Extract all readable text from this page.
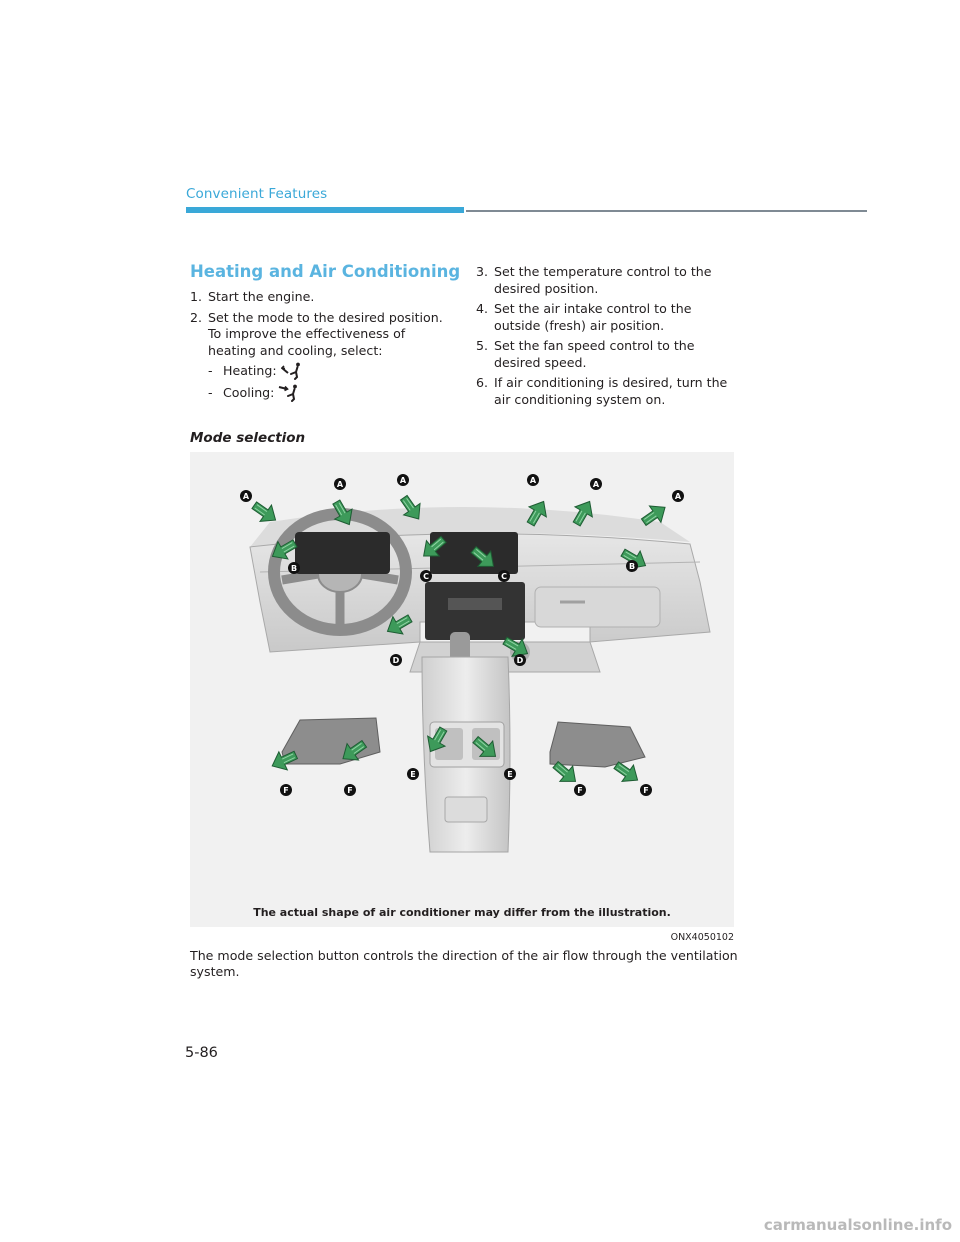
Convenient Features
Heating and Air Conditioning
1. Start the engine.

2. Set the mode to the desired position.

To improve the effectiveness of heating and cooling, select:

- Heating:
- Cooling:
3. Set the temperature control to the desired position.

4. Set the air intake control to the outside (fresh) air position.

5. Set the fan speed control to the desired speed.

6. If air conditioning is desired, turn the air conditioning system on.

Mode selection
A
A	A	A	A
A
B	B
C	C
D	D
E	E
F	F	F	F
The actual shape of air conditioner may differ from the illustration.
ONX4050102

The mode selection button controls the direction of the air flow through the ventilation system.

5-86
carmanualsonline.info
